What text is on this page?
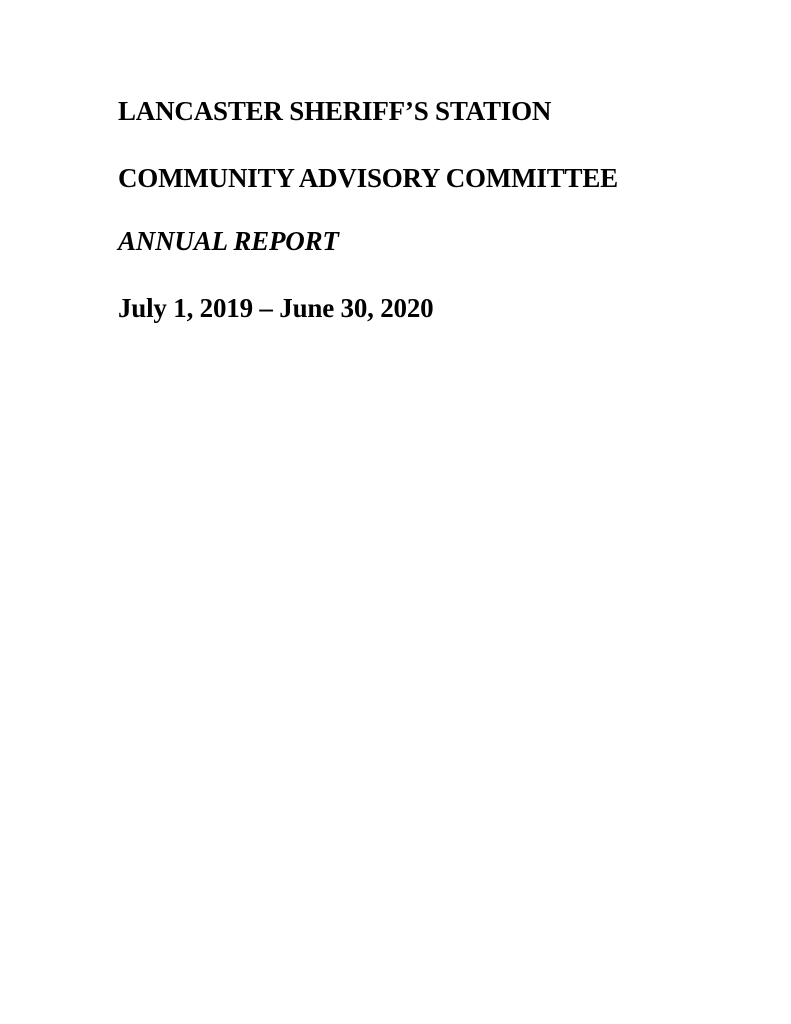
LANCASTER SHERIFF’S STATION
COMMUNITY ADVISORY COMMITTEE
ANNUAL REPORT
July 1, 2019 – June 30, 2020
